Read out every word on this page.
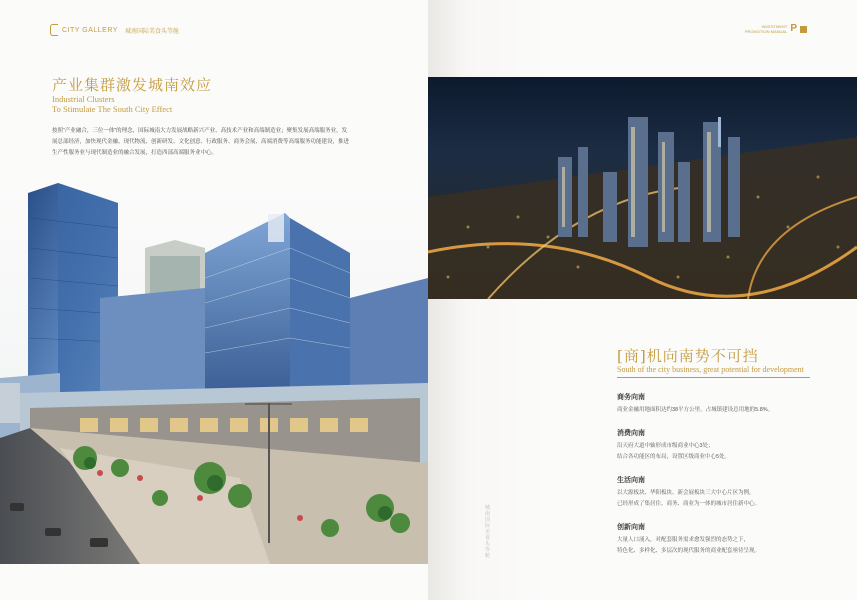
CITY GALLERY 城南国际美食头等舱
产业集群激发城南效应
Industrial Clusters
To Stimulate The South City Effect
按照“产业融合，三位一体”的理念，国际城南大力发展战略新兴产业、高技术产业和高端制造业；聚集发展高端服务业，发展总部经济，加快现代金融、现代物流、创新研发、文化创意、行政服务、商务会展、高端消费等高端服务功能建设，推进生产性服务业与现代制造业的融合发展，打造西部高端服务业中心。
INVESTMENT
PROMOTION MANUAL P
城南国际美食头等舱
[商]机向南势不可挡
South of the city business, great potential for development
商务向南
商业金融用地面积达约38平方公里，占城镇建设总用地的5.8%。
消费向南
沿天府大道中轴形成市级商业中心3处；
结合各功能区的布局，设置区级商业中心5处。
生活向南
以大源板块、华阳板块、新会展板块三大中心片区为例，
已经形成了集居住、商务、商业为一体的城市居住新中心。
创新向南
大量人口涌入，对配套服务需求愈发强烈的态势之下，
特色化、多样化、多层次的现代服务的商业配套亟待呈现。
